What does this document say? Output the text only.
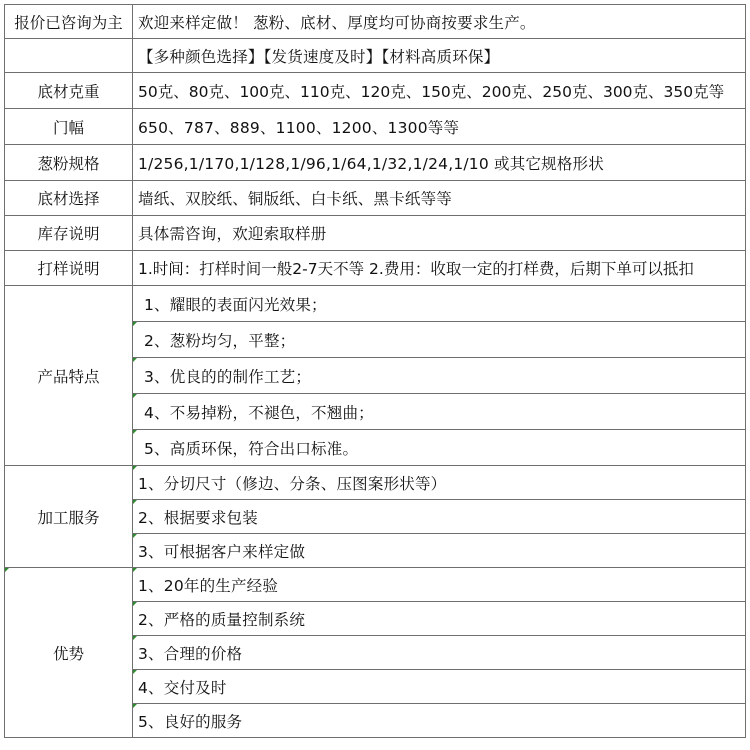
报价已咨询为主	欢迎来样定做！ 葱粉、底材、厚度均可协商按要求生产。
	【多种颜色选择】【发货速度及时】【材料高质环保】
底材克重	50克、80克、100克、110克、120克、150克、200克、250克、300克、350克等
门幅	650、787、889、1100、1200、1300等等
葱粉规格	1/256,1/170,1/128,1/96,1/64,1/32,1/24,1/10 或其它规格形状
底材选择	墙纸、双胶纸、铜版纸、白卡纸、黑卡纸等等
库存说明	具体需咨询，欢迎索取样册
打样说明	1.时间：打样时间一般2-7天不等 2.费用：收取一定的打样费，后期下单可以抵扣
产品特点	1、耀眼的表面闪光效果；
	2、葱粉均匀，平整；
	3、优良的的制作工艺；
	4、不易掉粉，不褪色，不翘曲；
	5、高质环保，符合出口标准。
加工服务	1、分切尺寸（修边、分条、压图案形状等）
	2、根据要求包装
	3、可根据客户来样定做
优势	1、20年的生产经验
	2、严格的质量控制系统
	3、合理的价格
	4、交付及时
	5、良好的服务
